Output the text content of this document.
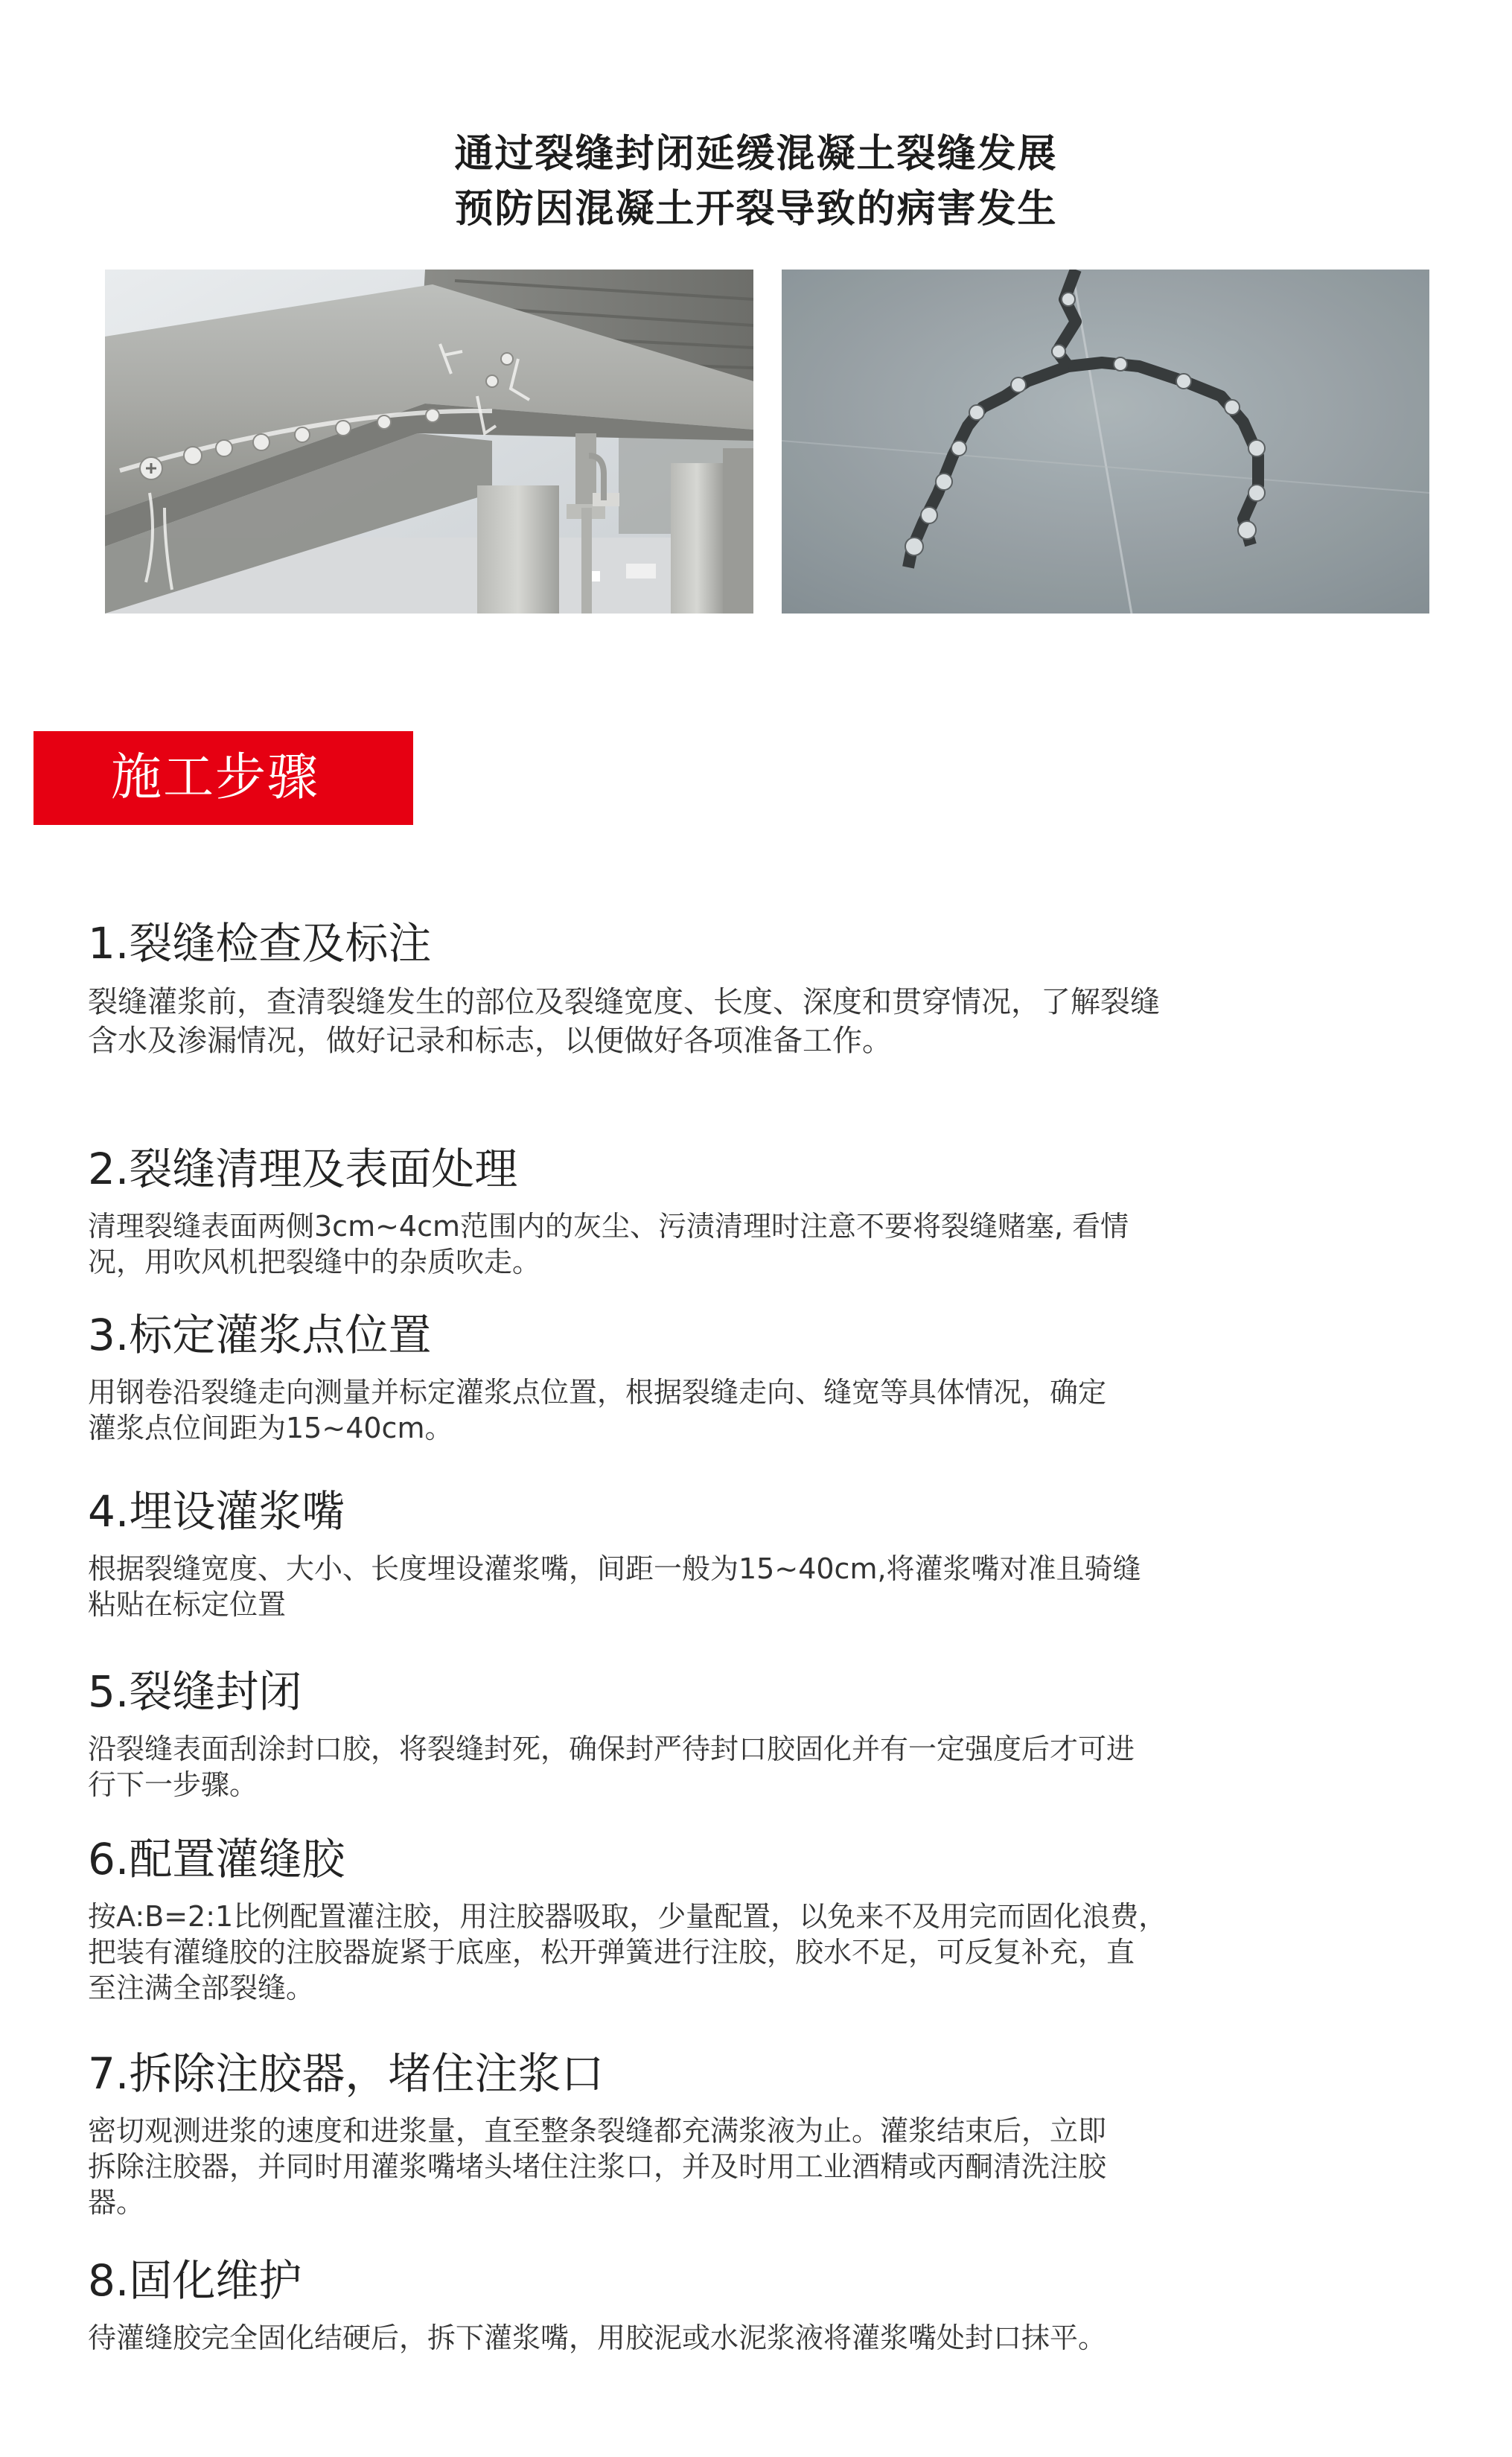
通过裂缝封闭延缓混凝土裂缝发展
预防因混凝土开裂导致的病害发生
施工步骤
1.裂缝检查及标注
裂缝灌浆前，查清裂缝发生的部位及裂缝宽度、长度、深度和贯穿情况，了解裂缝
含水及渗漏情况，做好记录和标志，以便做好各项准备工作。
2.裂缝清理及表面处理
清理裂缝表面两侧3cm~4cm范围内的灰尘、污渍清理时注意不要将裂缝赌塞, 看情
况，用吹风机把裂缝中的杂质吹走。
3.标定灌浆点位置
用钢卷沿裂缝走向测量并标定灌浆点位置，根据裂缝走向、缝宽等具体情况，确定
灌浆点位间距为15~40cm。
4.埋设灌浆嘴
根据裂缝宽度、大小、长度埋设灌浆嘴，间距一般为15~40cm,将灌浆嘴对准且骑缝
粘贴在标定位置
5.裂缝封闭
沿裂缝表面刮涂封口胶，将裂缝封死，确保封严待封口胶固化并有一定强度后才可进
行下一步骤。
6.配置灌缝胶
按A:B=2:1比例配置灌注胶，用注胶器吸取，少量配置，以免来不及用完而固化浪费，
把装有灌缝胶的注胶器旋紧于底座，松开弹簧进行注胶，胶水不足，可反复补充，直
至注满全部裂缝。
7.拆除注胶器，堵住注浆口
密切观测进浆的速度和进浆量，直至整条裂缝都充满浆液为止。灌浆结束后，立即
拆除注胶器，并同时用灌浆嘴堵头堵住注浆口，并及时用工业酒精或丙酮清洗注胶
器。
8.固化维护
待灌缝胶完全固化结硬后，拆下灌浆嘴，用胶泥或水泥浆液将灌浆嘴处封口抹平。
